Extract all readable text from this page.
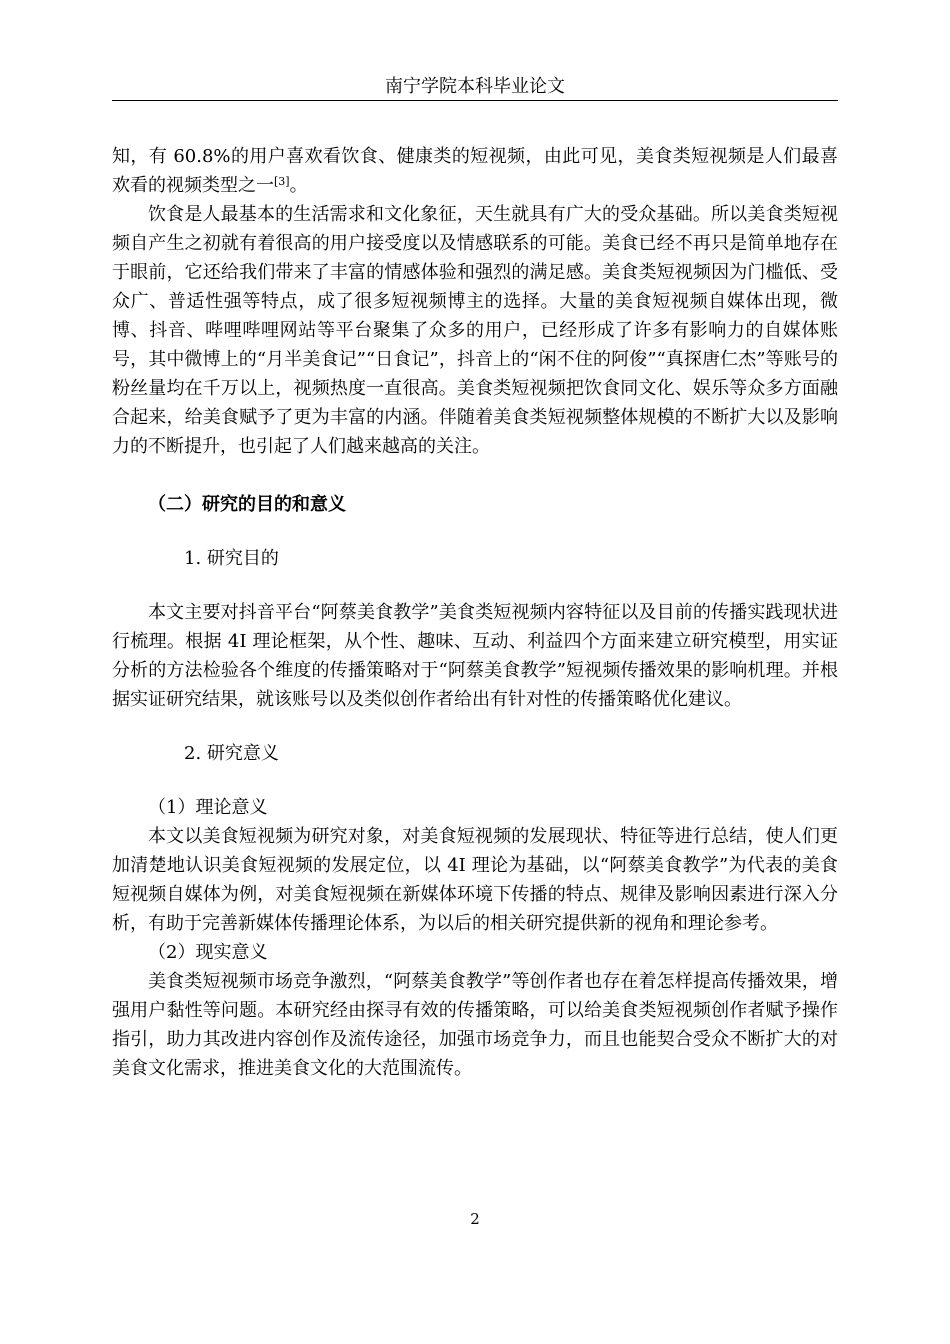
南宁学院本科毕业论文

知，有 60.8%的用户喜欢看饮食、健康类的短视频，由此可见，美食类短视频是人们最喜欢看的视频类型之一[3]。

饮食是人最基本的生活需求和文化象征，天生就具有广大的受众基础。所以美食类短视频自产生之初就有着很高的用户接受度以及情感联系的可能。美食已经不再只是简单地存在于眼前，它还给我们带来了丰富的情感体验和强烈的满足感。美食类短视频因为门槛低、受众广、普适性强等特点，成了很多短视频博主的选择。大量的美食短视频自媒体出现，微博、抖音、哔哩哔哩网站等平台聚集了众多的用户，已经形成了许多有影响力的自媒体账号，其中微博上的“月半美食记”“日食记”，抖音上的“闲不住的阿俊”“真探唐仁杰”等账号的粉丝量均在千万以上，视频热度一直很高。美食类短视频把饮食同文化、娱乐等众多方面融合起来，给美食赋予了更为丰富的内涵。伴随着美食类短视频整体规模的不断扩大以及影响力的不断提升，也引起了人们越来越高的关注。

（二）研究的目的和意义

1. 研究目的

本文主要对抖音平台“阿蔡美食教学”美食类短视频内容特征以及目前的传播实践现状进行梳理。根据 4I 理论框架，从个性、趣味、互动、利益四个方面来建立研究模型，用实证分析的方法检验各个维度的传播策略对于“阿蔡美食教学”短视频传播效果的影响机理。并根据实证研究结果，就该账号以及类似创作者给出有针对性的传播策略优化建议。

2. 研究意义

（1）理论意义

本文以美食短视频为研究对象，对美食短视频的发展现状、特征等进行总结，使人们更加清楚地认识美食短视频的发展定位，以 4I 理论为基础，以“阿蔡美食教学”为代表的美食短视频自媒体为例，对美食短视频在新媒体环境下传播的特点、规律及影响因素进行深入分析，有助于完善新媒体传播理论体系，为以后的相关研究提供新的视角和理论参考。

（2）现实意义

美食类短视频市场竞争激烈，“阿蔡美食教学”等创作者也存在着怎样提高传播效果，增强用户黏性等问题。本研究经由探寻有效的传播策略，可以给美食类短视频创作者赋予操作指引，助力其改进内容创作及流传途径，加强市场竞争力，而且也能契合受众不断扩大的对美食文化需求，推进美食文化的大范围流传。

2
